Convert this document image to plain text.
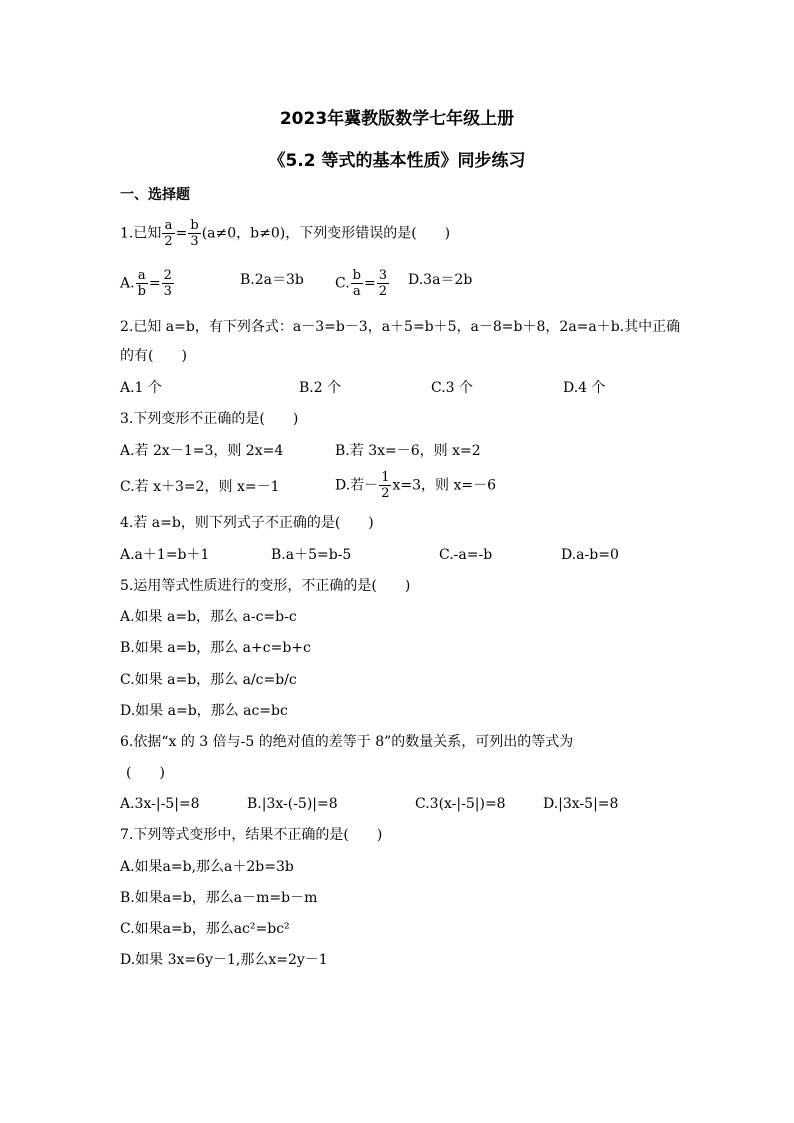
2023年冀教版数学七年级上册
《5.2 等式的基本性质》同步练习
一、选择题
1.已知 $\frac{a}{2} = \frac{b}{3} (a\ne 0$，b≠0)，下列变形错误的是(　　)
A. $\frac{a}{b} = \frac{2}{3}$	B.2a＝3b C. $\frac{b}{a} = \frac{3}{2} D.3a=2b$
2.已知 a=b，有下列各式：a－3=b－3，a＋5=b＋5，a－8=b＋8，2a=a＋b.其中正确
的有(　　)
A.1 个	B.2 个	C.3 个	D.4 个
3.下列变形不正确的是(　　)
A.若 2x－1=3，则 2x=4	B.若 3x=－6，则 x=2
C.若 x＋3=2，则 x=－1	D.若－ $\frac{1}{2} x=3$，则 x=－6
4.若 a=b，则下列式子不正确的是(　　)
A.a＋1=b＋1	B.a＋5=b-5	C.-a=-b	D.a-b=0
5.运用等式性质进行的变形，不正确的是(　　)
A.如果 a=b，那么 a-c=b-c
B.如果 a=b，那么 a+c=b+c
C.如果 a=b，那么 a/c=b/c
D.如果 a=b，那么 ac=bc
6.依据“x 的 3 倍与-5 的绝对值的差等于 8”的数量关系，可列出的等式为
(　　)
A.3x-|-5|=8	B.|3x-(-5)|=8	C.3(x-|-5|)=8	D.|3x-5|=8
7.下列等式变形中，结果不正确的是(　　)
A.如果a=b,那么a＋2b=3b
B.如果a=b，那么a－m=b－m
C.如果a=b，那么ac²=bc²
D.如果 3x=6y－1,那么x=2y－1
